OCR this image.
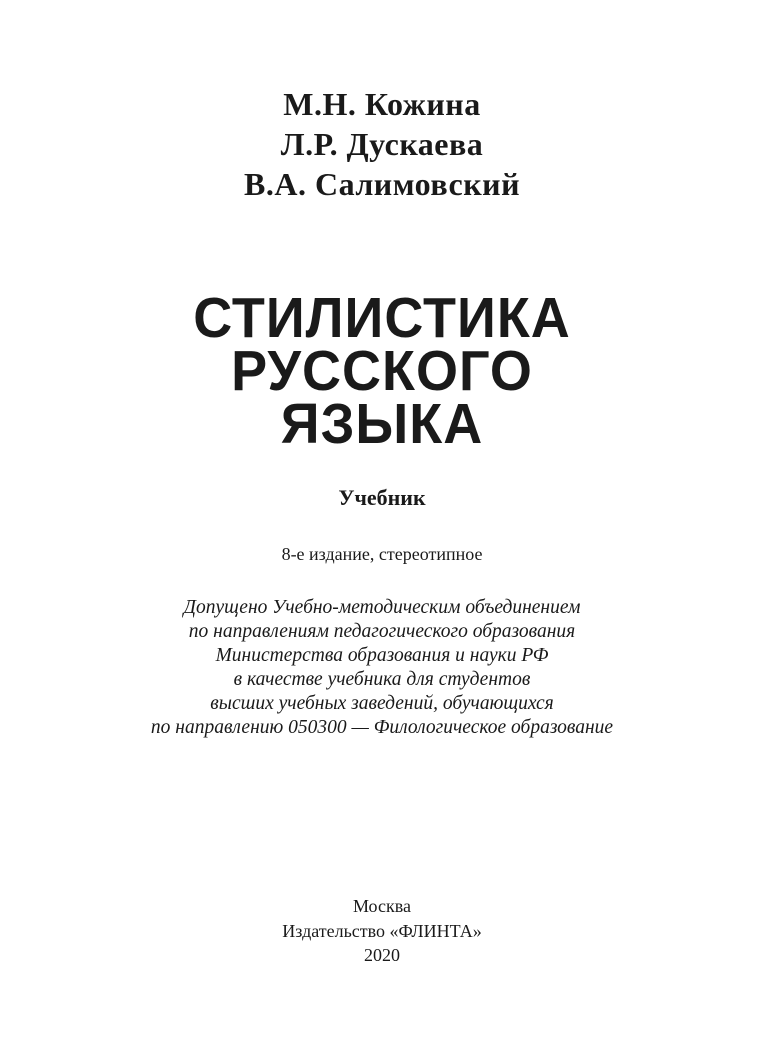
М.Н. Кожина
Л.Р. Дускаева
В.А. Салимовский
СТИЛИСТИКА
РУССКОГО
ЯЗЫКА
Учебник
8-е издание, стереотипное
Допущено Учебно-методическим объединением
по направлениям педагогического образования
Министерства образования и науки РФ
в качестве учебника для студентов
высших учебных заведений, обучающихся
по направлению 050300 — Филологическое образование
Москва
Издательство «ФЛИНТА»
2020
